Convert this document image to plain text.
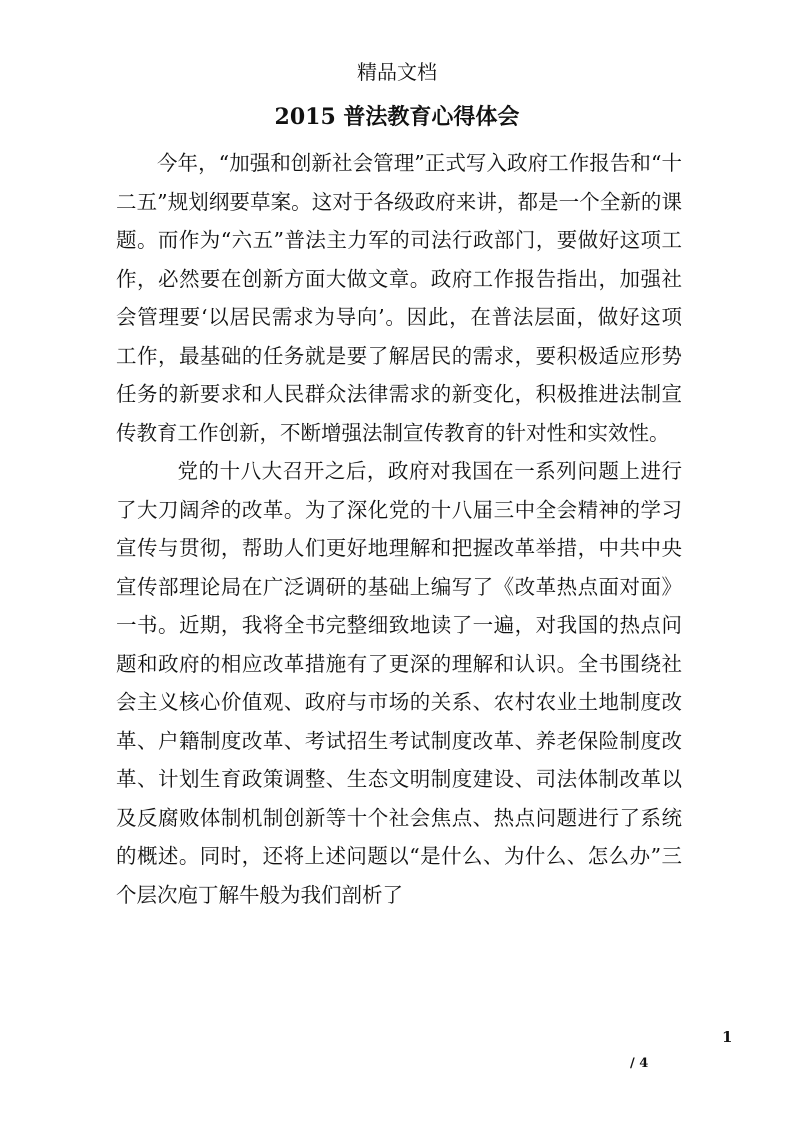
精品文档
2015 普法教育心得体会

今年，“加强和创新社会管理”正式写入政府工作报告和“十二五”规划纲要草案。这对于各级政府来讲，都是一个全新的课题。而作为“六五”普法主力军的司法行政部门，要做好这项工作，必然要在创新方面大做文章。政府工作报告指出，加强社会管理要‘以居民需求为导向’。因此，在普法层面，做好这项工作，最基础的任务就是要了解居民的需求，要积极适应形势任务的新要求和人民群众法律需求的新变化，积极推进法制宣传教育工作创新，不断增强法制宣传教育的针对性和实效性。

党的十八大召开之后，政府对我国在一系列问题上进行了大刀阔斧的改革。为了深化党的十八届三中全会精神的学习宣传与贯彻，帮助人们更好地理解和把握改革举措，中共中央宣传部理论局在广泛调研的基础上编写了《改革热点面对面》一书。近期，我将全书完整细致地读了一遍，对我国的热点问题和政府的相应改革措施有了更深的理解和认识。全书围绕社会主义核心价值观、政府与市场的关系、农村农业土地制度改革、户籍制度改革、考试招生考试制度改革、养老保险制度改革、计划生育政策调整、生态文明制度建设、司法体制改革以及反腐败体制机制创新等十个社会焦点、热点问题进行了系统的概述。同时，还将上述问题以“是什么、为什么、怎么办”三个层次庖丁解牛般为我们剖析了

1
/ 4
